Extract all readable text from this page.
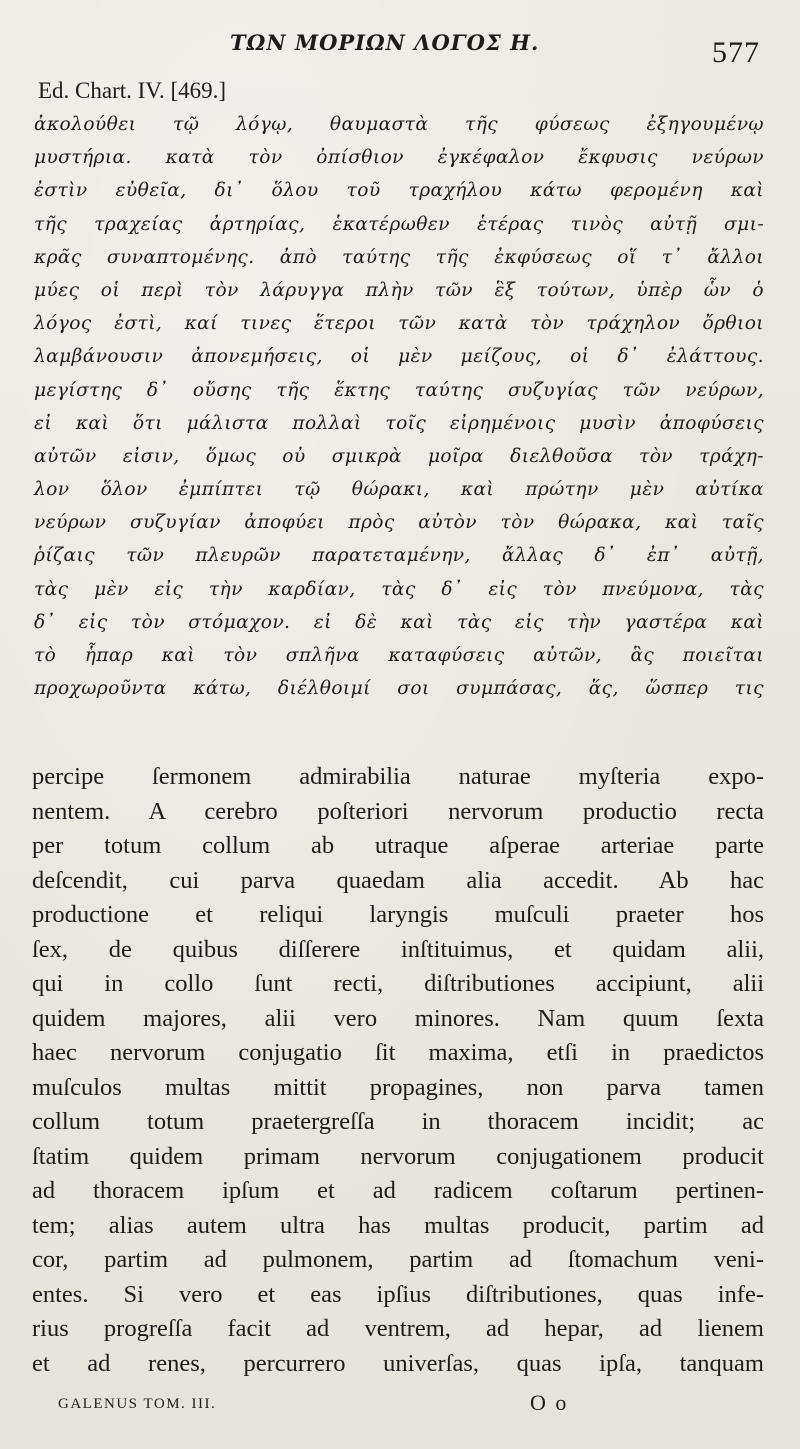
ΤΩΝ ΜΟΡΙΩΝ ΛΟΓΟΣ Η.	577
Ed. Chart. IV. [469.]
ἀκολούθει τῷ λόγῳ, θαυμαστὰ τῆς φύσεως ἐξηγουμένῳ
μυστήρια. κατὰ τὸν ὀπίσθιον ἐγκέφαλον ἔκφυσις νεύρων
ἐστὶν εὐθεῖα, δι᾽ ὅλου τοῦ τραχήλου κάτω φερομένη καὶ
τῆς τραχείας ἀρτηρίας, ἑκατέρωθεν ἑτέρας τινὸς αὐτῇ σμι-
κρᾶς συναπτομένης. ἀπὸ ταύτης τῆς ἐκφύσεως οἵ τ᾽ ἄλλοι
μύες οἱ περὶ τὸν λάρυγγα πλὴν τῶν ἓξ τούτων, ὑπὲρ ὧν ὁ
λόγος ἐστὶ, καί τινες ἕτεροι τῶν κατὰ τὸν τράχηλον ὄρθιοι
λαμβάνουσιν ἀπονεμήσεις, οἱ μὲν μείζους, οἱ δ᾽ ἐλάττους.
μεγίστης δ᾽ οὔσης τῆς ἕκτης ταύτης συζυγίας τῶν νεύρων,
εἰ καὶ ὅτι μάλιστα πολλαὶ τοῖς εἰρημένοις μυσὶν ἀποφύσεις
αὐτῶν εἰσιν, ὅμως οὐ σμικρὰ μοῖρα διελθοῦσα τὸν τράχη-
λον ὅλον ἐμπίπτει τῷ θώρακι, καὶ πρώτην μὲν αὐτίκα
νεύρων συζυγίαν ἀποφύει πρὸς αὐτὸν τὸν θώρακα, καὶ ταῖς
ῥίζαις τῶν πλευρῶν παρατεταμένην, ἄλλας δ᾽ ἐπ᾽ αὐτῇ,
τὰς μὲν εἰς τὴν καρδίαν, τὰς δ᾽ εἰς τὸν πνεύμονα, τὰς
δ᾽ εἰς τὸν στόμαχον. εἰ δὲ καὶ τὰς εἰς τὴν γαστέρα καὶ
τὸ ἧπαρ καὶ τὸν σπλῆνα καταφύσεις αὐτῶν, ἃς ποιεῖται
προχωροῦντα κάτω, διέλθοιμί σοι συμπάσας, ἅς, ὥσπερ τις
percipe ſermonem admirabilia naturae myſteria expo-
nentem. A cerebro poſteriori nervorum productio recta
per totum collum ab utraque aſperae arteriae parte
deſcendit, cui parva quaedam alia accedit. Ab hac
productione et reliqui laryngis muſculi praeter hos
ſex, de quibus diſſerere inſtituimus, et quidam alii,
qui in collo ſunt recti, diſtributiones accipiunt, alii
quidem majores, alii vero minores. Nam quum ſexta
haec nervorum conjugatio ſit maxima, etſi in praedictos
muſculos multas mittit propagines, non parva tamen
collum totum praetergreſſa in thoracem incidit; ac
ſtatim quidem primam nervorum conjugationem producit
ad thoracem ipſum et ad radicem coſtarum pertinen-
tem; alias autem ultra has multas producit, partim ad
cor, partim ad pulmonem, partim ad ſtomachum veni-
entes. Si vero et eas ipſius diſtributiones, quas infe-
rius progreſſa facit ad ventrem, ad hepar, ad lienem
et ad renes, percurrero univerſas, quas ipſa, tanquam
GALENUS TOM. III.	O o
